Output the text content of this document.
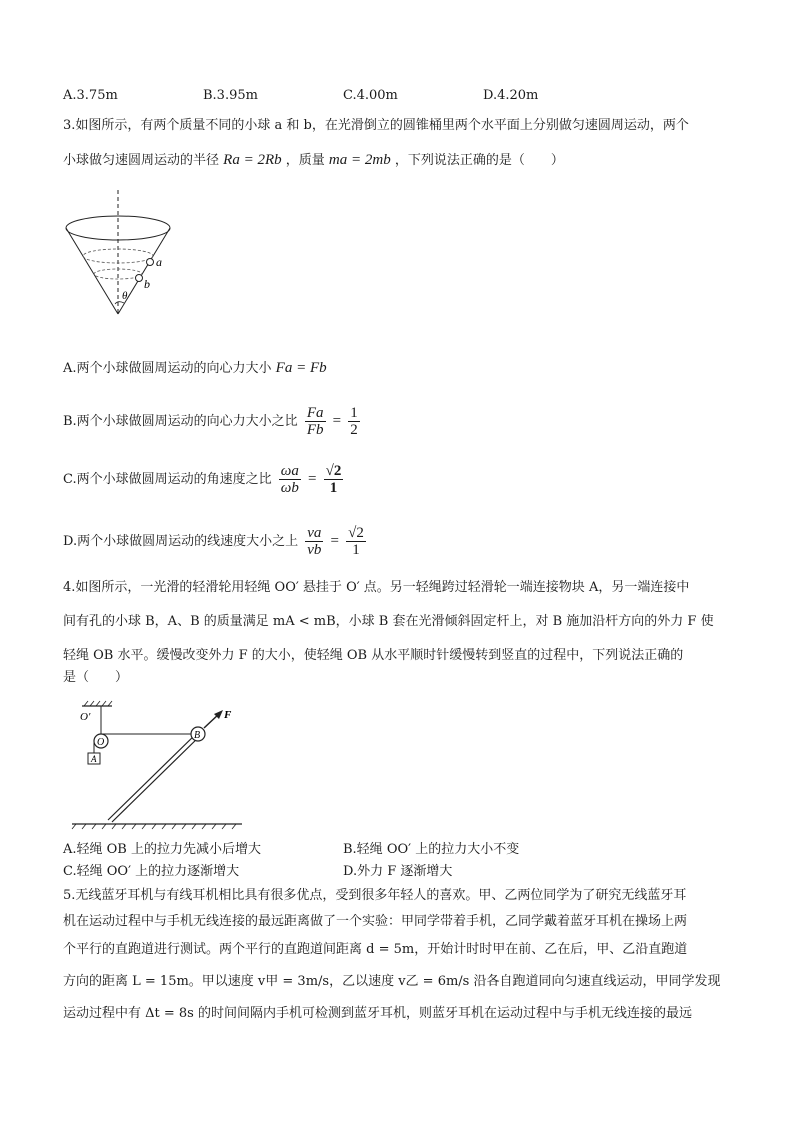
A.3.75m	B.3.95m	C.4.00m	D.4.20m
3.如图所示，有两个质量不同的小球 a 和 b，在光滑倒立的圆锥桶里两个水平面上分别做匀速圆周运动，两个
小球做匀速圆周运动的半径 Ra = 2Rb ，质量 ma = 2mb ，下列说法正确的是（　　）
a
b
θ
A.两个小球做圆周运动的向心力大小 Fa = Fb
B.两个小球做圆周运动的向心力大小之比 $\frac{Fa}{Fb} = \frac{1}{2}$
C.两个小球做圆周运动的角速度之比 $\frac{\omega a}{\omega b} = \frac{√2}{1}$
D.两个小球做圆周运动的线速度大小之上 $\frac{va}{vb} = \frac{√2}{1}$
4.如图所示，一光滑的轻滑轮用轻绳 OO′ 悬挂于 O′ 点。另一轻绳跨过轻滑轮一端连接物块 A，另一端连接中
间有孔的小球 B，A、B 的质量满足 mA < mB，小球 B 套在光滑倾斜固定杆上，对 B 施加沿杆方向的外力 F 使
轻绳 OB 水平。缓慢改变外力 F 的大小，使轻绳 OB 从水平顺时针缓慢转到竖直的过程中，下列说法正确的
是（　　）
O′
O
A
B
F
A.轻绳 OB 上的拉力先减小后增大	B.轻绳 OO′ 上的拉力大小不变
C.轻绳 OO′ 上的拉力逐渐增大	D.外力 F 逐渐增大
5.无线蓝牙耳机与有线耳机相比具有很多优点，受到很多年轻人的喜欢。甲、乙两位同学为了研究无线蓝牙耳
机在运动过程中与手机无线连接的最远距离做了一个实验：甲同学带着手机，乙同学戴着蓝牙耳机在操场上两
个平行的直跑道进行测试。两个平行的直跑道间距离 d = 5m，开始计时时甲在前、乙在后，甲、乙沿直跑道
方向的距离 L = 15m。甲以速度 v甲 = 3m/s，乙以速度 v乙 = 6m/s 沿各自跑道同向匀速直线运动，甲同学发现
运动过程中有 Δt = 8s 的时间间隔内手机可检测到蓝牙耳机，则蓝牙耳机在运动过程中与手机无线连接的最远
